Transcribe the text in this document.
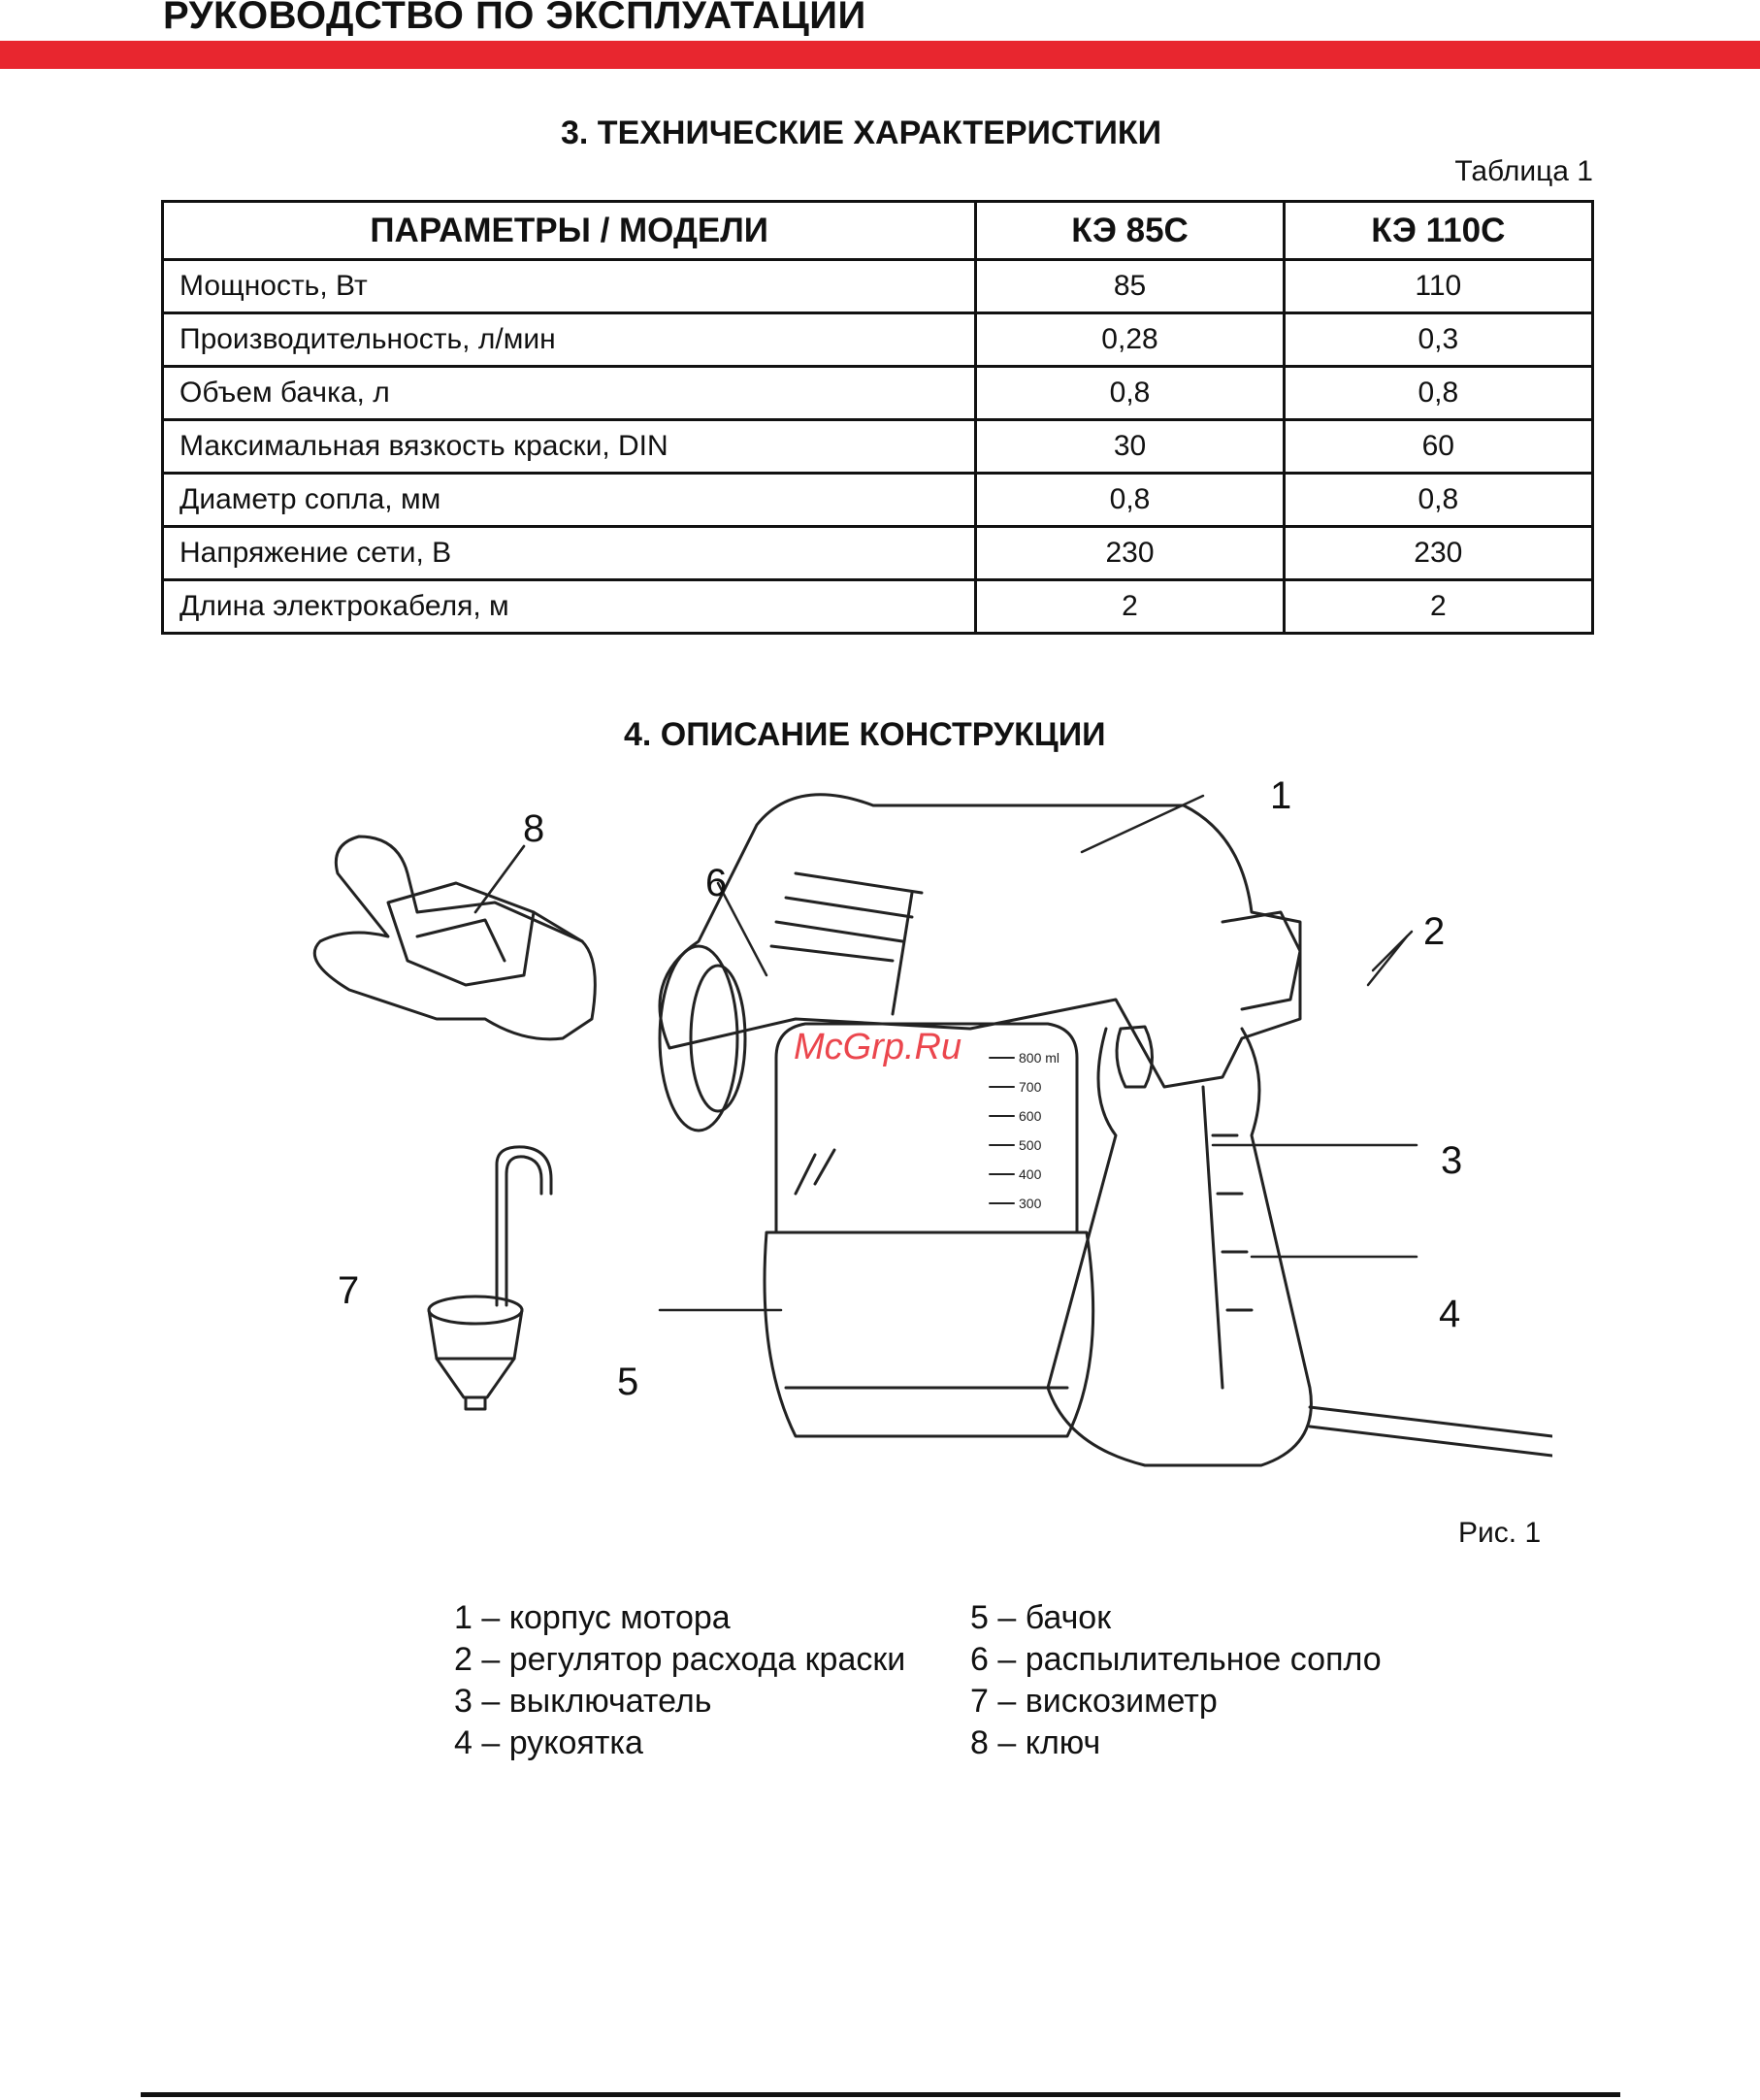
РУКОВОДСТВО ПО ЭКСПЛУАТАЦИИ
3. ТЕХНИЧЕСКИЕ ХАРАКТЕРИСТИКИ
Таблица 1
ПАРАМЕТРЫ / МОДЕЛИ	КЭ 85С	КЭ 110С
Мощность, Вт	85	110
Производительность, л/мин	0,28	0,3
Объем бачка, л	0,8	0,8
Максимальная вязкость краски, DIN	30	60
Диаметр сопла, мм	0,8	0,8
Напряжение сети, В	230	230
Длина электрокабеля, м	2	2
4. ОПИСАНИЕ КОНСТРУКЦИИ
800 ml
700
600
500
400
300
1
2
3
4
5
6
7
8
McGrp.Ru
Рис. 1
1 – корпус мотора
2 – регулятор расхода краски
3 – выключатель
4 – рукоятка
5 – бачок
6 – распылительное сопло
7 – вискозиметр
8 – ключ
